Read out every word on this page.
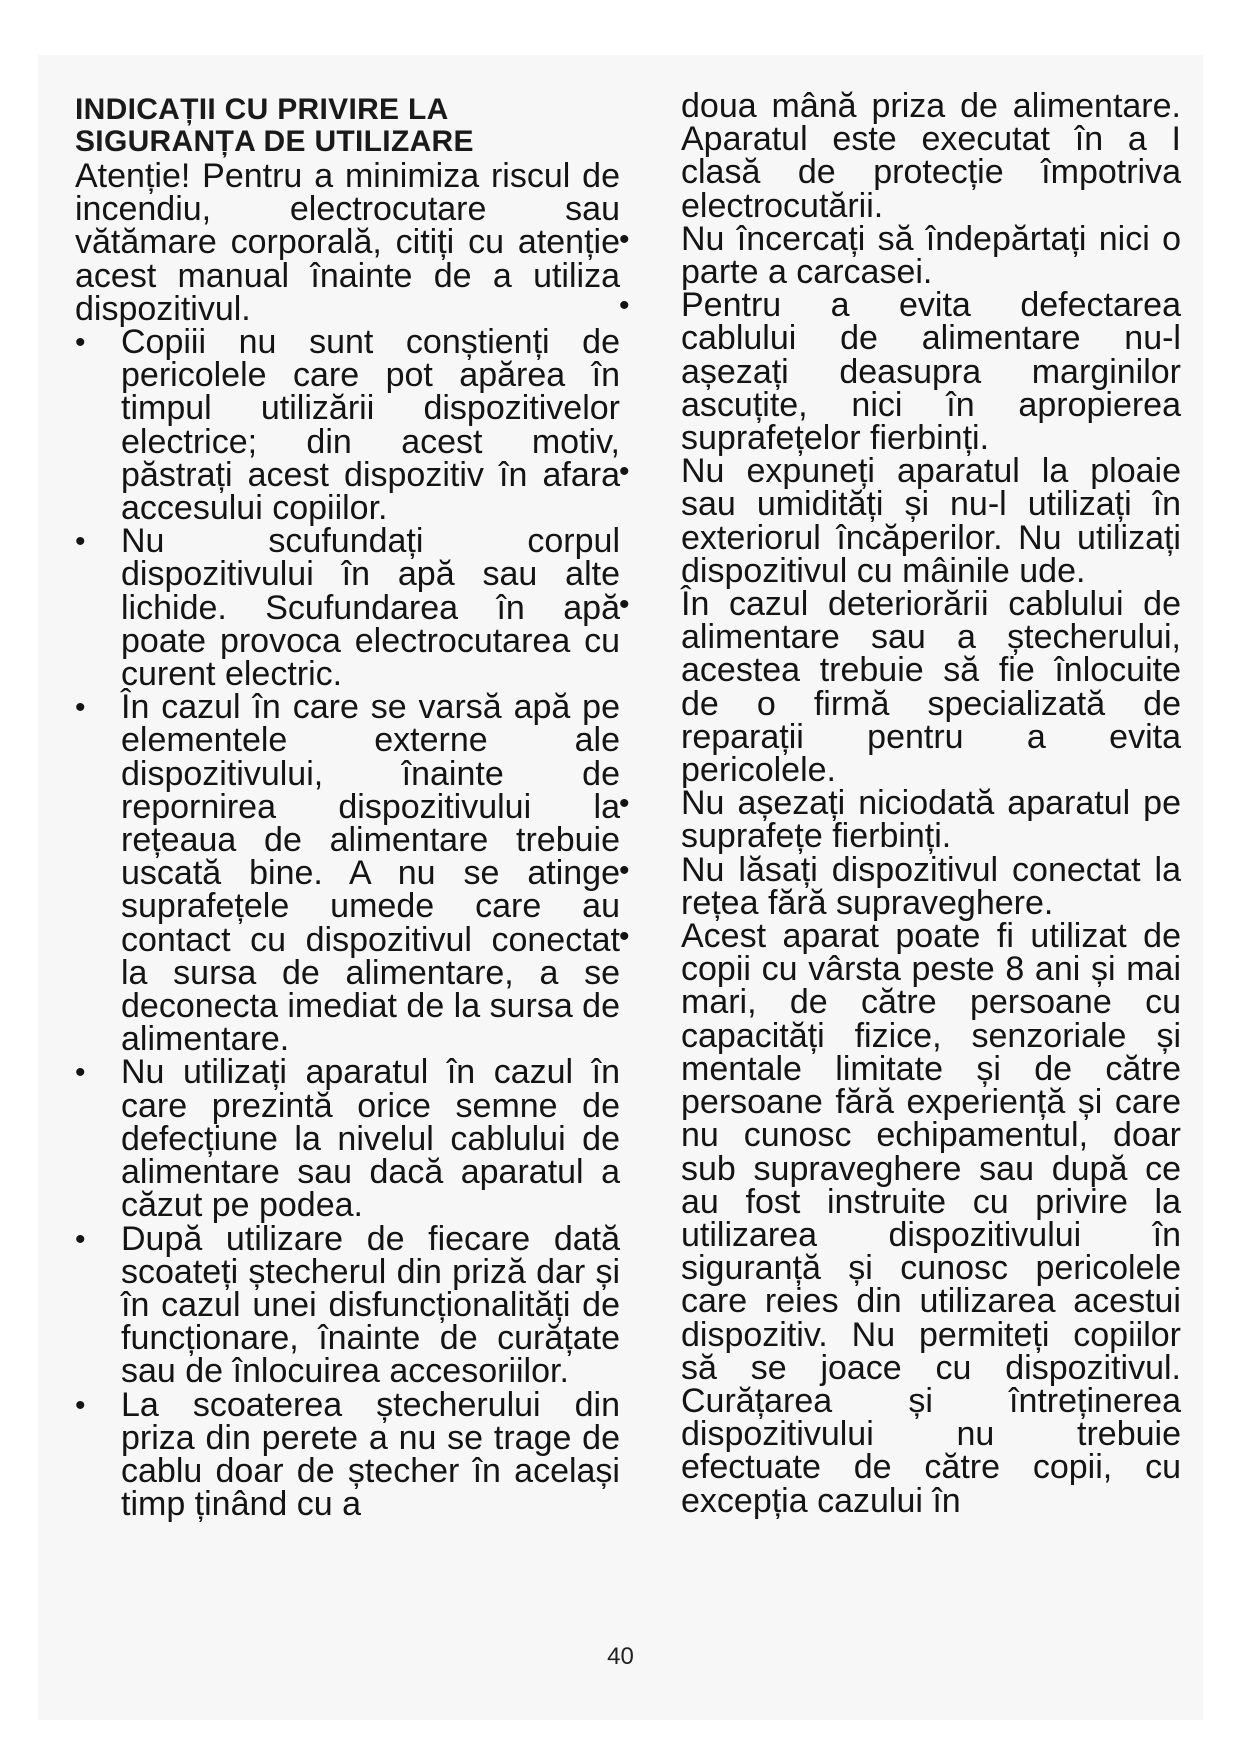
INDICAȚII CU PRIVIRE LA SIGURANȚA DE UTILIZARE

Atenție! Pentru a minimiza riscul de incendiu, electrocutare sau vătămare corporală, citiți cu atenție acest manual înainte de a utiliza dispozitivul.

• Copiii nu sunt conștienți de pericolele care pot apărea în timpul utilizării dispozitivelor electrice; din acest motiv, păstrați acest dispozitiv în afara accesului copiilor.
• Nu scufundați corpul dispozitivului în apă sau alte lichide. Scufundarea în apă poate provoca electrocutarea cu curent electric.
• În cazul în care se varsă apă pe elementele externe ale dispozitivului, înainte de repornirea dispozitivului la rețeaua de alimentare trebuie uscată bine. A nu se atinge suprafețele umede care au contact cu dispozitivul conectat la sursa de alimentare, a se deconecta imediat de la sursa de alimentare.
• Nu utilizați aparatul în cazul în care prezintă orice semne de defecțiune la nivelul cablului de alimentare sau dacă aparatul a căzut pe podea.
• După utilizare de fiecare dată scoateți ștecherul din priză dar și în cazul unei disfuncționalități de funcționare, înainte de curățate sau de înlocuirea accesoriilor.
• La scoaterea ștecherului din priza din perete a nu se trage de cablu doar de ștecher în același timp ținând cu a

doua mână priza de alimentare. Aparatul este executat în a I clasă de protecție împotriva electrocutării.

• Nu încercați să îndepărtați nici o parte a carcasei.
• Pentru a evita defectarea cablului de alimentare nu-l așezați deasupra marginilor ascuțite, nici în apropierea suprafețelor fierbinți.
• Nu expuneți aparatul la ploaie sau umidități și nu-l utilizați în exteriorul încăperilor. Nu utilizați dispozitivul cu mâinile ude.
• În cazul deteriorării cablului de alimentare sau a ștecherului, acestea trebuie să fie înlocuite de o firmă specializată de reparații pentru a evita pericolele.
• Nu așezați niciodată aparatul pe suprafețe fierbinți.
• Nu lăsați dispozitivul conectat la rețea fără supraveghere.
• Acest aparat poate fi utilizat de copii cu vârsta peste 8 ani și mai mari, de către persoane cu capacități fizice, senzoriale și mentale limitate și de către persoane fără experiență și care nu cunosc echipamentul, doar sub supraveghere sau după ce au fost instruite cu privire la utilizarea dispozitivului în siguranță și cunosc pericolele care reies din utilizarea acestui dispozitiv. Nu permiteți copiilor să se joace cu dispozitivul. Curățarea și întreținerea dispozitivului nu trebuie efectuate de către copii, cu excepția cazului în
40
